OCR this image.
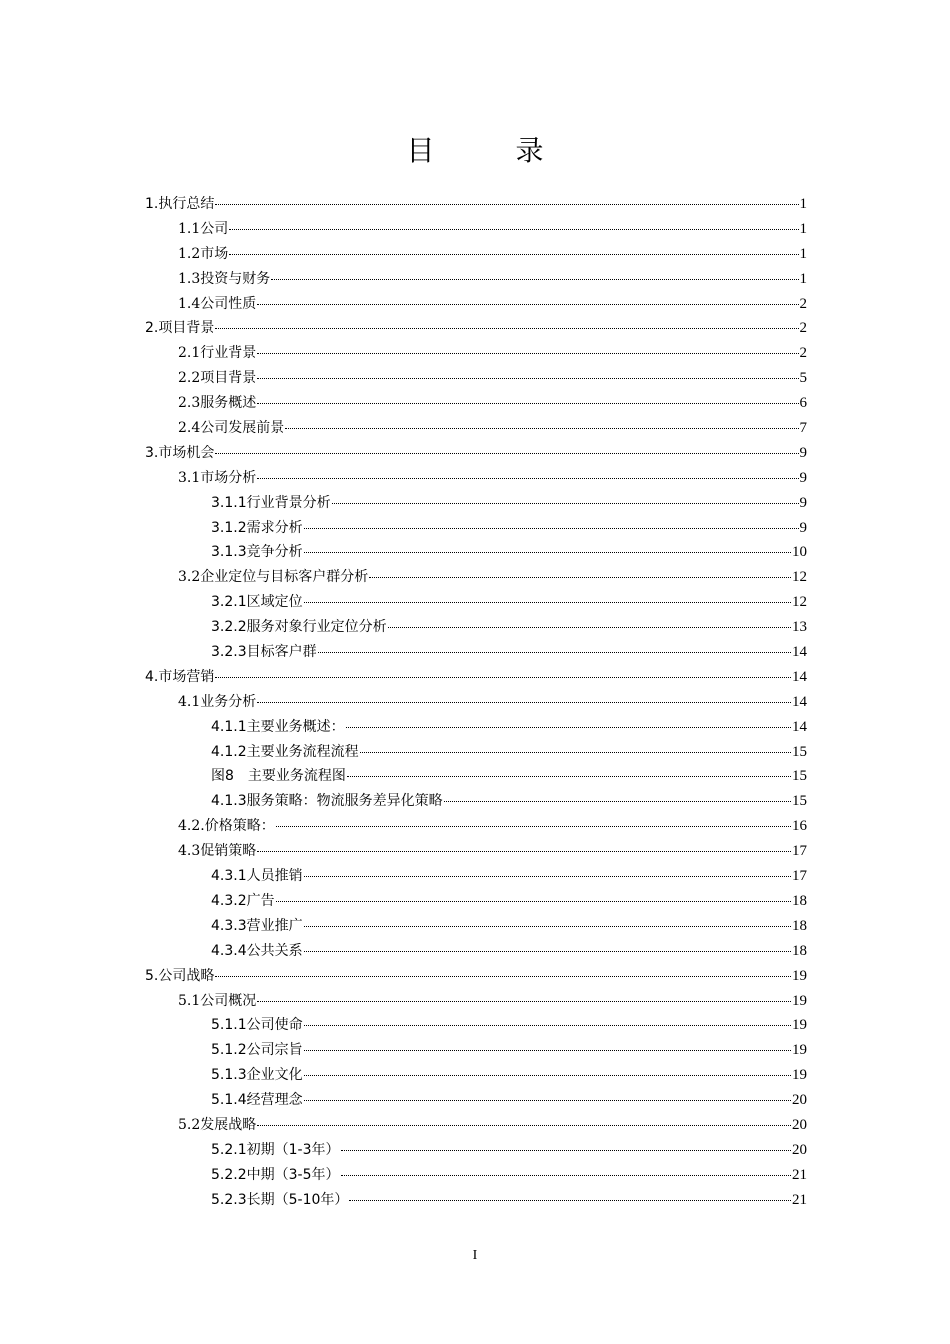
目 录
1.执行总结	1
1.1公司	1
1.2市场	1
1.3投资与财务	1
1.4公司性质	2
2.项目背景	2
2.1行业背景	2
2.2项目背景	5
2.3服务概述	6
2.4公司发展前景	7
3.市场机会	9
3.1市场分析	9
3.1.1行业背景分析	9
3.1.2需求分析	9
3.1.3竞争分析	10
3.2企业定位与目标客户群分析	12
3.2.1区域定位	12
3.2.2服务对象行业定位分析	13
3.2.3目标客户群	14
4.市场营销	14
4.1业务分析	14
4.1.1主要业务概述：	14
4.1.2主要业务流程流程	15
图8　主要业务流程图	15
4.1.3服务策略：物流服务差异化策略	15
4.2.价格策略：	16
4.3促销策略	17
4.3.1人员推销	17
4.3.2广告	18
4.3.3营业推广	18
4.3.4公共关系	18
5.公司战略	19
5.1公司概况	19
5.1.1公司使命	19
5.1.2公司宗旨	19
5.1.3企业文化	19
5.1.4经营理念	20
5.2发展战略	20
5.2.1初期（1-3年）	20
5.2.2中期（3-5年）	21
5.2.3长期（5-10年）	21
I
